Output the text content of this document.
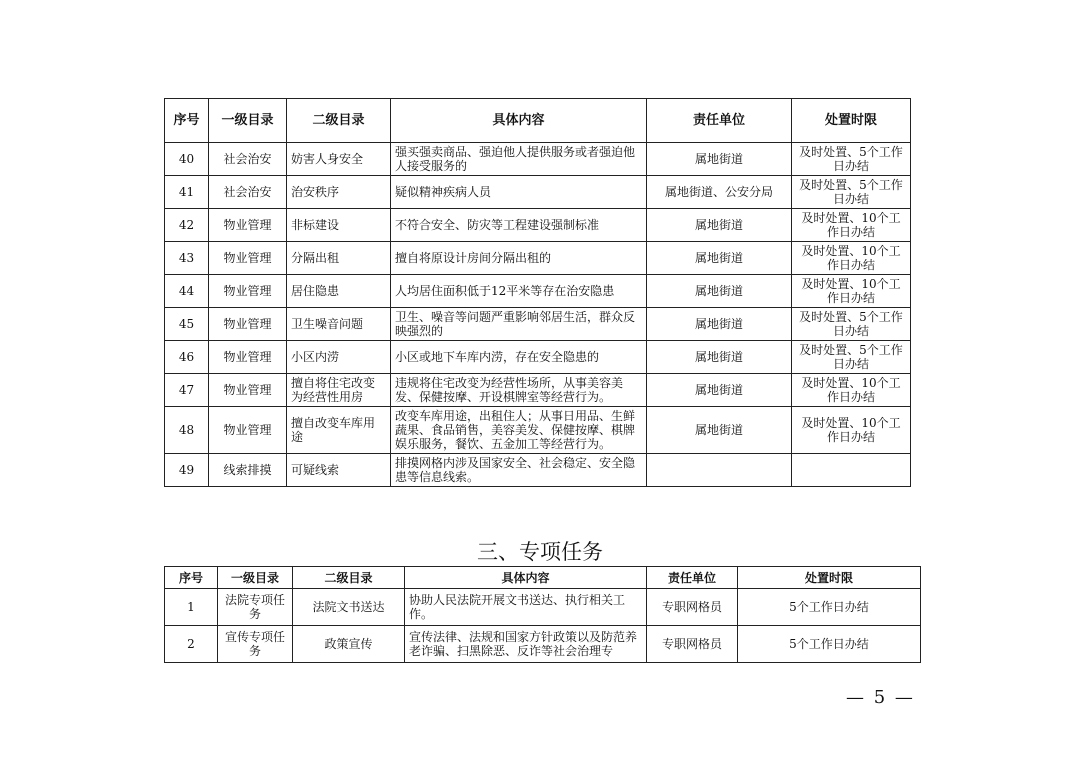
序号	一级目录	二级目录	具体内容	责任单位	处置时限
40	社会治安	妨害人身安全	强买强卖商品、强迫他人提供服务或者强迫他人接受服务的	属地街道	及时处置、5个工作日办结
41	社会治安	治安秩序	疑似精神疾病人员	属地街道、公安分局	及时处置、5个工作日办结
42	物业管理	非标建设	不符合安全、防灾等工程建设强制标准	属地街道	及时处置、10个工作日办结
43	物业管理	分隔出租	擅自将原设计房间分隔出租的	属地街道	及时处置、10个工作日办结
44	物业管理	居住隐患	人均居住面积低于12平米等存在治安隐患	属地街道	及时处置、10个工作日办结
45	物业管理	卫生噪音问题	卫生、噪音等问题严重影响邻居生活，群众反映强烈的	属地街道	及时处置、5个工作日办结
46	物业管理	小区内涝	小区或地下车库内涝，存在安全隐患的	属地街道	及时处置、5个工作日办结
47	物业管理	擅自将住宅改变为经营性用房	违规将住宅改变为经营性场所，从事美容美发、保健按摩、开设棋牌室等经营行为。	属地街道	及时处置、10个工作日办结
48	物业管理	擅自改变车库用途	改变车库用途，出租住人；从事日用品、生鲜蔬果、食品销售，美容美发、保健按摩、棋牌娱乐服务，餐饮、五金加工等经营行为。	属地街道	及时处置、10个工作日办结
49	线索排摸	可疑线索	排摸网格内涉及国家安全、社会稳定、安全隐患等信息线索。		
三、专项任务
序号	一级目录	二级目录	具体内容	责任单位	处置时限
1	法院专项任务	法院文书送达	协助人民法院开展文书送达、执行相关工作。	专职网格员	5个工作日办结
2	宣传专项任务	政策宣传	宣传法律、法规和国家方针政策以及防范养老诈骗、扫黑除恶、反诈等社会治理专	专职网格员	5个工作日办结
— 5 —
